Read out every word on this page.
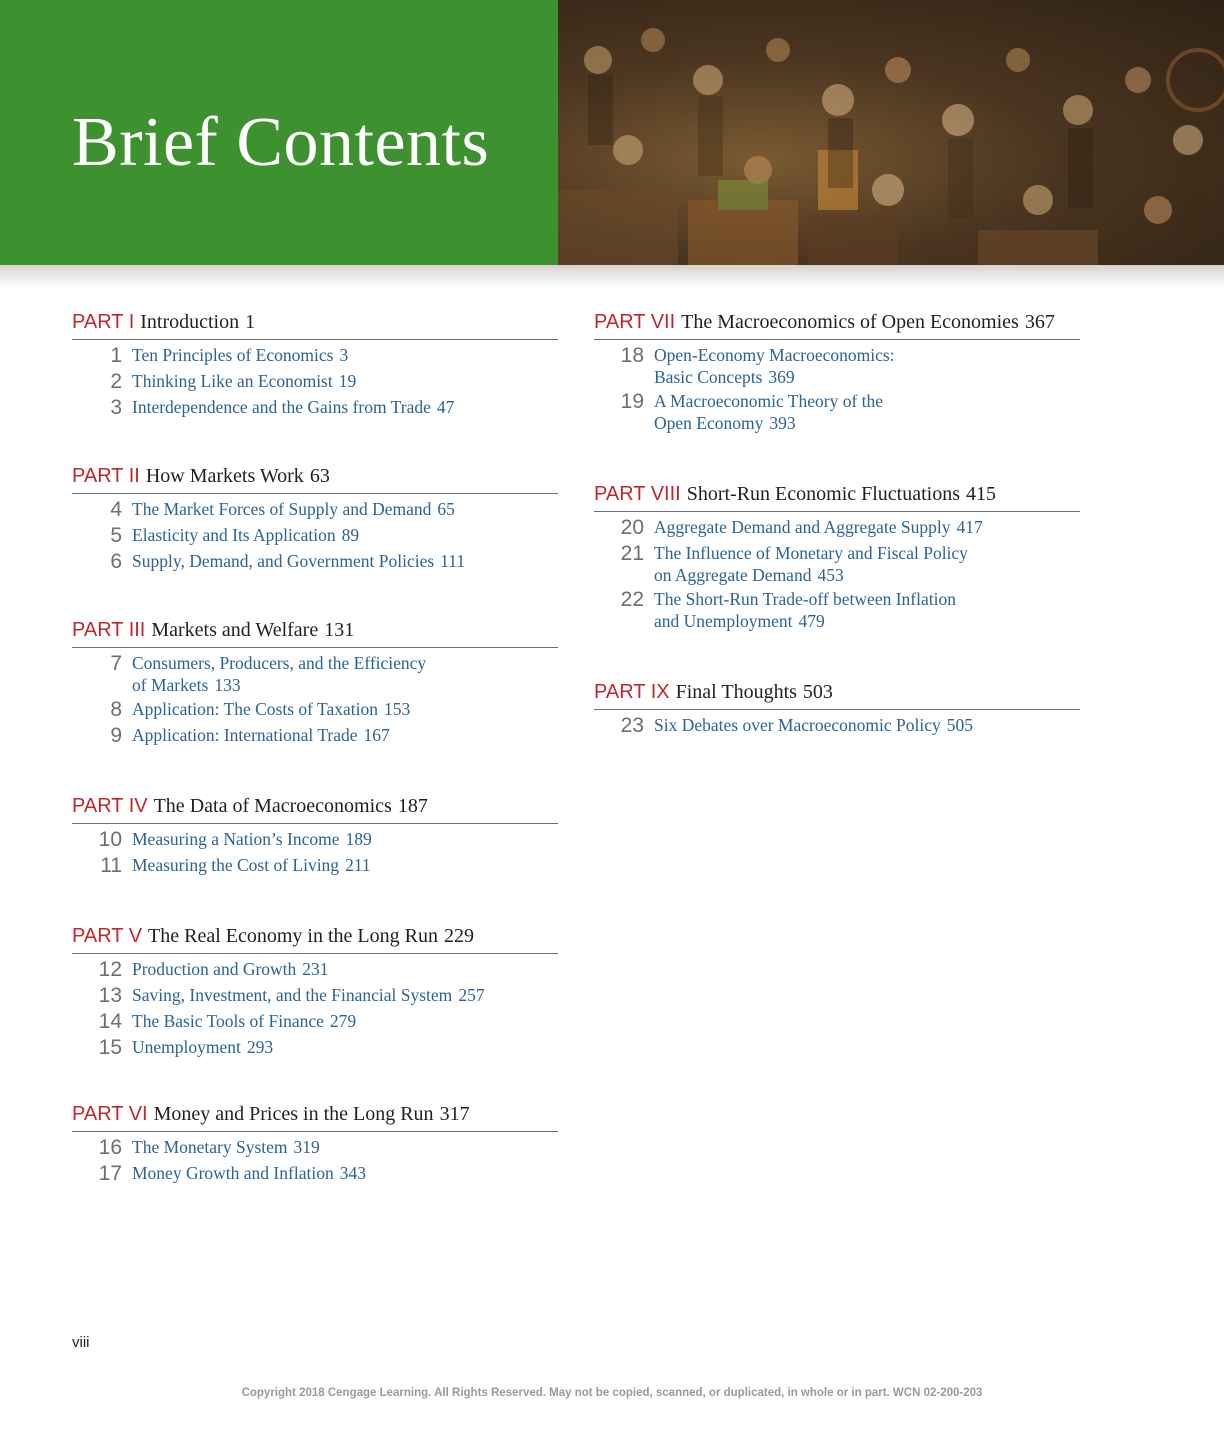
Brief Contents
PART I Introduction 1
1 Ten Principles of Economics 3
2 Thinking Like an Economist 19
3 Interdependence and the Gains from Trade 47
PART II How Markets Work 63
4 The Market Forces of Supply and Demand 65
5 Elasticity and Its Application 89
6 Supply, Demand, and Government Policies 111
PART III Markets and Welfare 131
7 Consumers, Producers, and the Efficiency
of Markets 133
8 Application: The Costs of Taxation 153
9 Application: International Trade 167
PART IV The Data of Macroeconomics 187
10 Measuring a Nation’s Income 189
11 Measuring the Cost of Living 211
PART V The Real Economy in the Long Run 229
12 Production and Growth 231
13 Saving, Investment, and the Financial System 257
14 The Basic Tools of Finance 279
15 Unemployment 293
PART VI Money and Prices in the Long Run 317
16 The Monetary System 319
17 Money Growth and Inflation 343
PART VII The Macroeconomics of Open Economies 367
18 Open-Economy Macroeconomics:
Basic Concepts 369
19 A Macroeconomic Theory of the
Open Economy 393
PART VIII Short-Run Economic Fluctuations 415
20 Aggregate Demand and Aggregate Supply 417
21 The Influence of Monetary and Fiscal Policy
on Aggregate Demand 453
22 The Short-Run Trade-off between Inflation
and Unemployment 479
PART IX Final Thoughts 503
23 Six Debates over Macroeconomic Policy 505
viii
Copyright 2018 Cengage Learning. All Rights Reserved. May not be copied, scanned, or duplicated, in whole or in part. WCN 02-200-203
